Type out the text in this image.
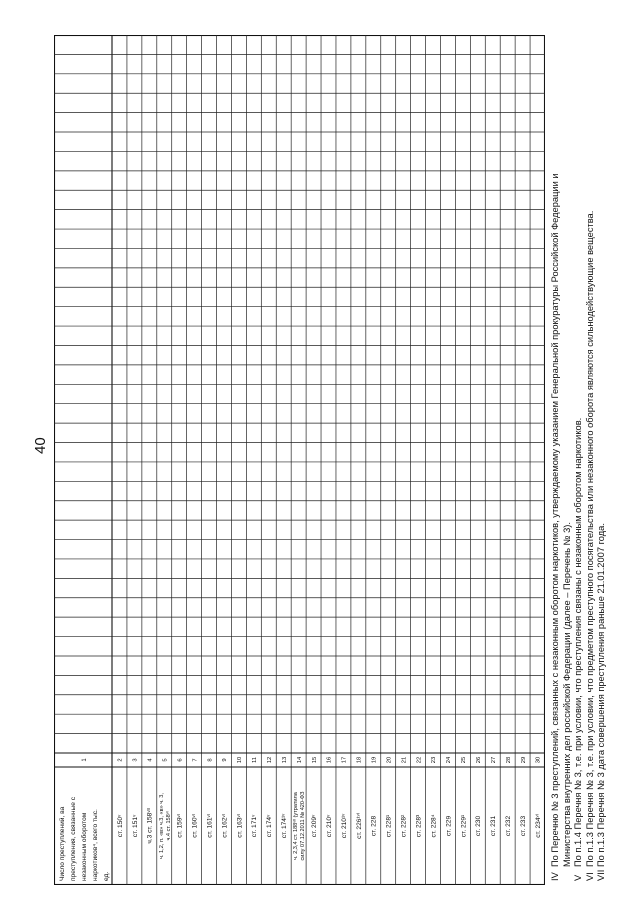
40
Число преступлений, ва преступления, связанные с незаконным оборотом наркотиков⁴, всего тыс. ед.
1
ст. 150ᵛ
2
ст. 151ᵛ
3
ч.3 ст. 158ᵛᴵᴵ
4
ч. 1,2, п. «в» ч.3, «в» ч. 3, ч.4 ст. 158ᵛᴵ
5
ст. 159ᵛᴵ
6
ст. 160ᵛᴵ
7
ст. 161ᵛᴵ
8
ст. 162ᵛᴵ
9
ст. 163ᵛᴵ
10
ст. 171ᵛ
11
ст. 174ᵛ
12
ст. 174¹ᵛ
13
ч. 2,3,4 ст. 188ᵛᴵᴵ (утратила силу 07.12.2011 № 420-ФЗ
14
ст. 209ᵛ
15
ст. 210ᵛ
16
ст. 210¹ᵛ
17
ст. 226¹ᵛᴵ
18
ст. 228
19
ст. 228¹
20
ст. 228²
21
ст. 228³
22
ст. 228⁴
23
ст. 229
24
ст. 229¹
25
ст. 230
26
ст. 231
27
ст. 232
28
ст. 233
29
ст. 234ᵛᴵ
30
IVПо Перечню № 3 преступлений, связанных с незаконным оборотом наркотиков, утверждаемому указанием Генеральной прокуратуры Российской Федерации и Министерства внутренних дел российской Федерации (далее – Перечень № 3).
VПо п.1.4 Перечня № 3, т.е. при условии, что преступления связаны с незаконным оборотом наркотиков.
VIПо п.1.3 Перечня № 3, т.е. при условии, что предметом преступного посягательства или незаконного оборота являются сильнодействующие вещества.
VIIПо п.1.3 Перечня № 3 дата совершения преступления раньше 21.01.2007 года.
